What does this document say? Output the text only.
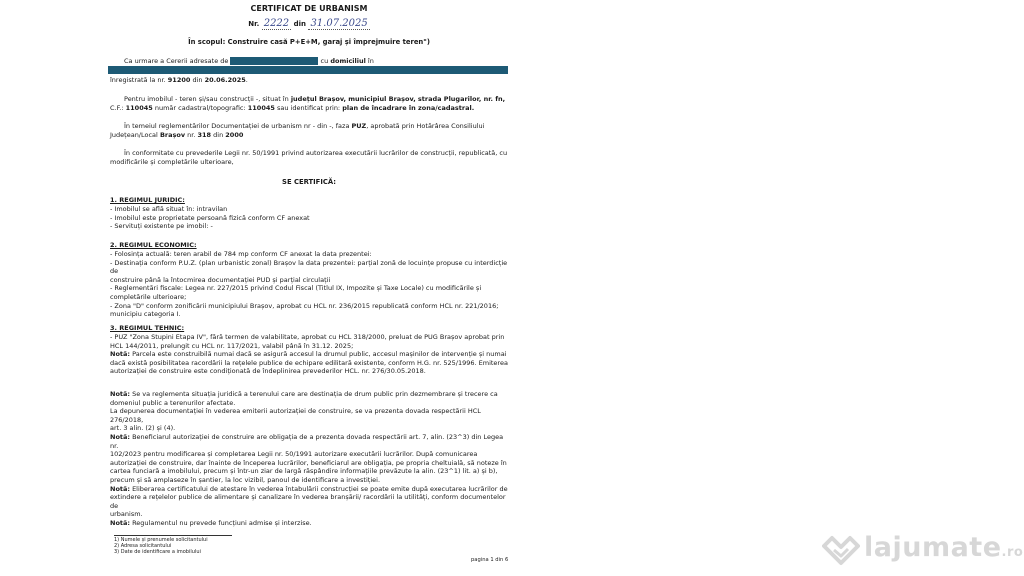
CERTIFICAT DE URBANISM
Nr. 2222 din 31.07.2025
În scopul: Construire casă P+E+M, garaj și împrejmuire teren")
Ca urmare a Cererii adresate de	cu domiciliul în
înregistrată la nr. 91200 din 20.06.2025.
Pentru imobilul - teren și/sau construcții -, situat în județul Brașov, municipiul Brașov, strada Plugarilor, nr. fn,
C.F.: 110045 număr cadastral/topografic: 110045 sau identificat prin: plan de încadrare în zona/cadastral.
În temeiul reglementărilor Documentației de urbanism nr - din -, faza PUZ, aprobată prin Hotărârea Consiliului
Județean/Local Brașov nr. 318 din 2000
În conformitate cu prevederile Legii nr. 50/1991 privind autorizarea executării lucrărilor de construcții, republicată, cu
modificările și completările ulterioare,
SE CERTIFICĂ:
1. REGIMUL JURIDIC:
- Imobilul se află situat în: intravilan
- Imobilul este proprietate persoană fizică conform CF anexat
- Servituți existente pe imobil: -
2. REGIMUL ECONOMIC:
- Folosința actuală: teren arabil de 784 mp conform CF anexat la data prezentei:
- Destinația conform P.U.Z. (plan urbanistic zonal) Brașov la data prezentei: parțial zonă de locuințe propuse cu interdicție de
construire până la întocmirea documentației PUD și parțial circulații
- Reglementări fiscale: Legea nr. 227/2015 privind Codul Fiscal (Titlul IX, Impozite și Taxe Locale) cu modificările și
completările ulterioare;
- Zona "D" conform zonificării municipiului Brașov, aprobat cu HCL nr. 236/2015 republicată conform HCL nr. 221/2016;
municipiu categoria I.
3. REGIMUL TEHNIC:
- PUZ "Zona Stupini Etapa IV", fără termen de valabilitate, aprobat cu HCL 318/2000, preluat de PUG Brașov aprobat prin
HCL 144/2011, prelungit cu HCL nr. 117/2021, valabil până în 31.12. 2025;
Notă: Parcela este construibilă numai dacă se asigură accesul la drumul public, accesul mașinilor de intervenție și numai
dacă există posibilitatea racordării la rețelele publice de echipare edilitară existente, conform H.G. nr. 525/1996. Emiterea
autorizației de construire este condiționată de îndeplinirea prevederilor HCL. nr. 276/30.05.2018.
Notă: Se va reglementa situația juridică a terenului care are destinația de drum public prin dezmembrare și trecere ca
domeniul public a terenurilor afectate.
La depunerea documentației în vederea emiterii autorizației de construire, se va prezenta dovada respectării HCL 276/2018,
art. 3 alin. (2) și (4).
Notă: Beneficiarul autorizației de construire are obligația de a prezenta dovada respectării art. 7, alin. (23^3) din Legea nr.
102/2023 pentru modificarea și completarea Legii nr. 50/1991 autorizare executării lucrărilor. După comunicarea
autorizației de construire, dar înainte de începerea lucrărilor, beneficiarul are obligația, pe propria cheltuială, să noteze în
cartea funciară a imobilului, precum și într-un ziar de largă răspândire informațiile prevăzute la alin. (23^1) lit. a) și b),
precum și să amplaseze în șantier, la loc vizibil, panoul de identificare a investiției.
Notă: Eliberarea certificatului de atestare în vederea întabulării construcției se poate emite după executarea lucrărilor de
extindere a rețelelor publice de alimentare și canalizare în vederea branșării/ racordării la utilități, conform documentelor de
urbanism.
Notă: Regulamentul nu prevede funcțiuni admise și interzise.
1) Numele și prenumele solicitantului
2) Adresa solicitantului
3) Date de identificare a imobilului
pagina 1 din 6	lajumate.ro
